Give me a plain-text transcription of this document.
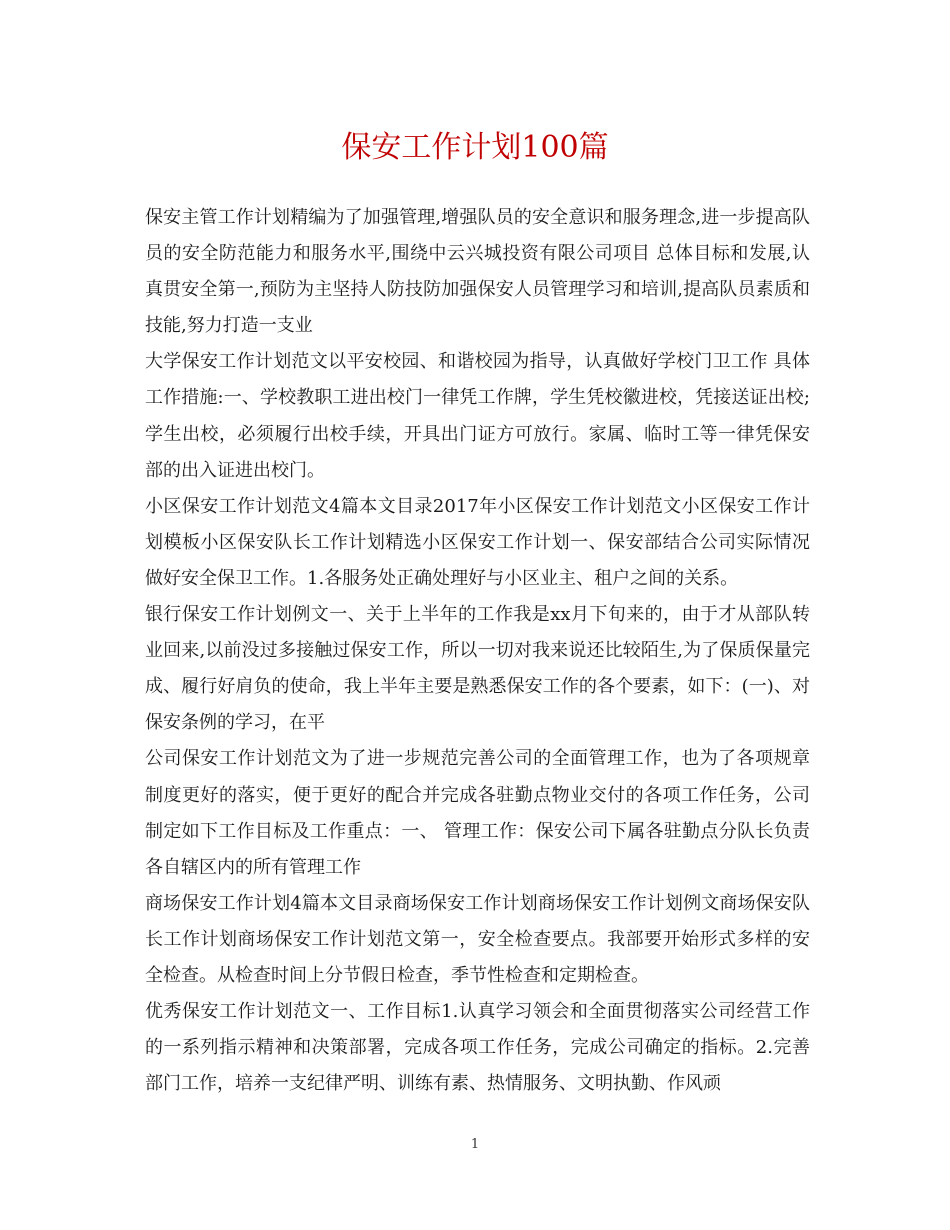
保安工作计划100篇

保安主管工作计划精编为了加强管理,增强队员的安全意识和服务理念,进一步提高队员的安全防范能力和服务水平,围绕中云兴城投资有限公司项目 总体目标和发展,认真贯安全第一,预防为主坚持人防技防加强保安人员管理学习和培训,提高队员素质和技能,努力打造一支业

大学保安工作计划范文以平安校园、和谐校园为指导，认真做好学校门卫工作 具体工作措施:一、学校教职工进出校门一律凭工作牌，学生凭校徽进校，凭接送证出校;学生出校，必须履行出校手续，开具出门证方可放行。家属、临时工等一律凭保安部的出入证进出校门。

小区保安工作计划范文4篇本文目录2017年小区保安工作计划范文小区保安工作计划模板小区保安队长工作计划精选小区保安工作计划一、保安部结合公司实际情况做好安全保卫工作。1.各服务处正确处理好与小区业主、租户之间的关系。

银行保安工作计划例文一、关于上半年的工作我是xx月下旬来的，由于才从部队转业回来,以前没过多接触过保安工作，所以一切对我来说还比较陌生,为了保质保量完成、履行好肩负的使命，我上半年主要是熟悉保安工作的各个要素，如下：(一)、对保安条例的学习，在平

公司保安工作计划范文为了进一步规范完善公司的全面管理工作，也为了各项规章制度更好的落实，便于更好的配合并完成各驻勤点物业交付的各项工作任务，公司制定如下工作目标及工作重点：一、 管理工作：保安公司下属各驻勤点分队长负责各自辖区内的所有管理工作

商场保安工作计划4篇本文目录商场保安工作计划商场保安工作计划例文商场保安队长工作计划商场保安工作计划范文第一，安全检查要点。我部要开始形式多样的安全检查。从检查时间上分节假日检查，季节性检查和定期检查。

优秀保安工作计划范文一、工作目标1.认真学习领会和全面贯彻落实公司经营工作的一系列指示精神和决策部署，完成各项工作任务，完成公司确定的指标。2.完善部门工作，培养一支纪律严明、训练有素、热情服务、文明执勤、作风顽

1
